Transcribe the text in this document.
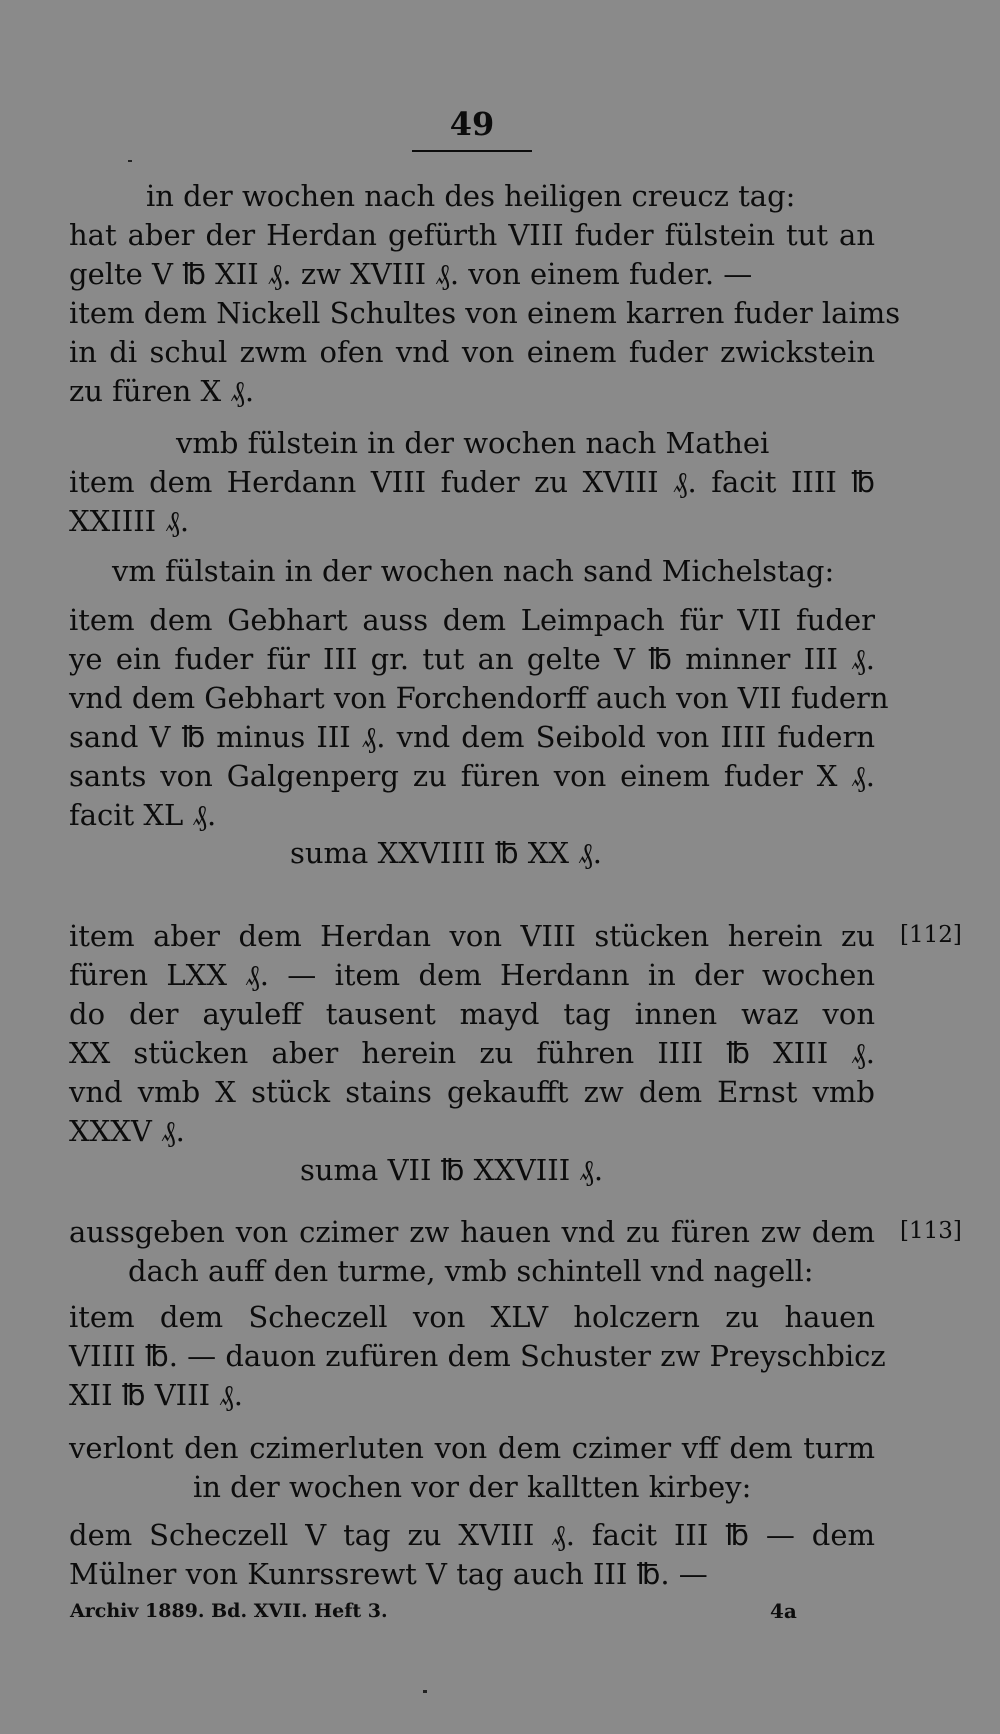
49
in der wochen nach des heiligen creucz tag:
hat aber der Herdan gefürth VIII fuder fülstein tut an
gelte V ℔ XII ₰. zw XVIII ₰. von einem fuder. —
item dem Nickell Schultes von einem karren fuder laims
in di schul zwm ofen vnd von einem fuder zwickstein
zu füren X ₰.
vmb fülstein in der wochen nach Mathei
item dem Herdann VIII fuder zu XVIII ₰. facit IIII ℔
XXIIII ₰.
vm fülstain in der wochen nach sand Michelstag:
item dem Gebhart auss dem Leimpach für VII fuder
ye ein fuder für III gr. tut an gelte V ℔ minner III ₰.
vnd dem Gebhart von Forchendorff auch von VII fudern
sand V ℔ minus III ₰. vnd dem Seibold von IIII fudern
sants von Galgenperg zu füren von einem fuder X ₰.
facit XL ₰.
suma XXVIIII ℔ XX ₰.
item aber dem Herdan von VIII stücken herein zu [112]
füren LXX ₰. — item dem Herdann in der wochen
do der ayuleff tausent mayd tag innen waz von
XX stücken aber herein zu führen IIII ℔ XIII ₰.
vnd vmb X stück stains gekaufft zw dem Ernst vmb
XXXV ₰.
suma VII ℔ XXVIII ₰.
aussgeben von czimer zw hauen vnd zu füren zw dem [113]
dach auff den turme, vmb schintell vnd nagell:
item dem Scheczell von XLV holczern zu hauen
VIIII ℔. — dauon zufüren dem Schuster zw Preyschbicz
XII ℔ VIII ₰.
verlont den czimerluten von dem czimer vff dem turm
in der wochen vor der kalltten kirbey:
dem Scheczell V tag zu XVIII ₰. facit III ℔ — dem
Mülner von Kunrssrewt V tag auch III ℔. —
Archiv 1889. Bd. XVII. Heft 3.	4a
